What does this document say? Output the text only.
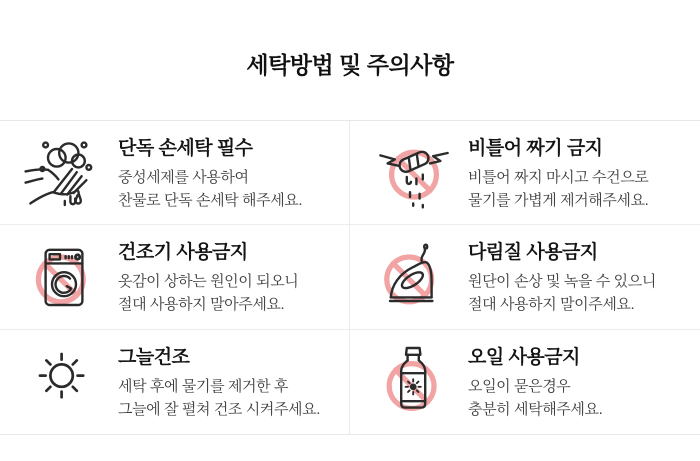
세탁방법 및 주의사항
단독 손세탁 필수
중성세제를 사용하여
찬물로 단독 손세탁 해주세요.
비틀어 짜기 금지
비틀어 짜지 마시고 수건으로
물기를 가볍게 제거해주세요.
건조기 사용금지
옷감이 상하는 원인이 되오니
절대 사용하지 말아주세요.
다림질 사용금지
원단이 손상 및 녹을 수 있으니
절대 사용하지 말이주세요.
그늘건조
세탁 후에 물기를 제거한 후
그늘에 잘 펼쳐 건조 시켜주세요.
오일 사용금지
오일이 묻은경우
충분히 세탁해주세요.
